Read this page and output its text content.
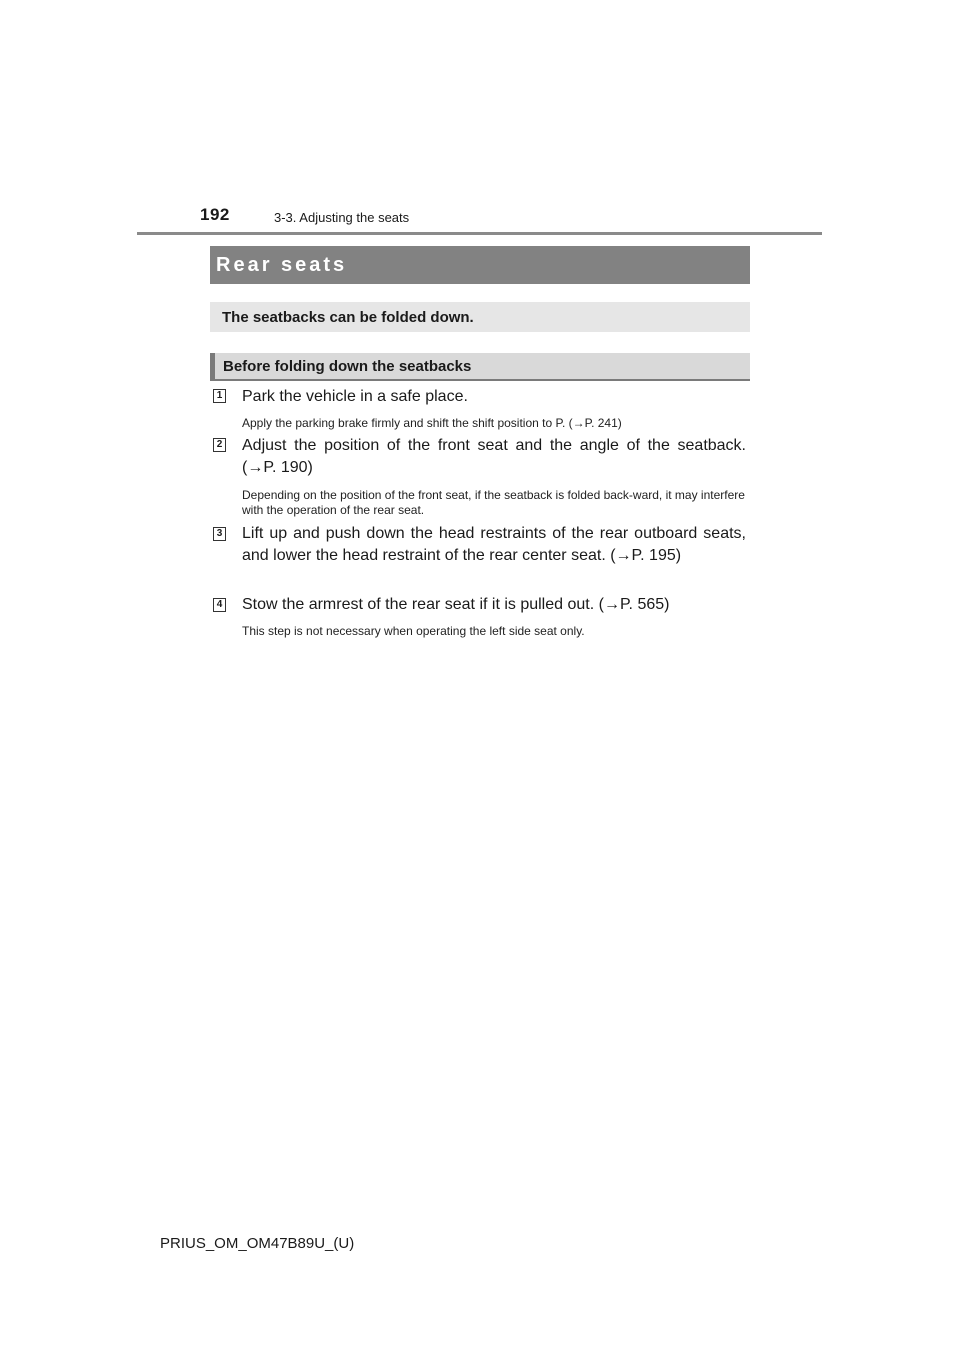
192	3-3. Adjusting the seats
Rear seats
The seatbacks can be folded down.
Before folding down the seatbacks
1 Park the vehicle in a safe place.
Apply the parking brake firmly and shift the shift position to P. (→P. 241)
2 Adjust the position of the front seat and the angle of the seatback. (→P. 190)
Depending on the position of the front seat, if the seatback is folded back-ward, it may interfere with the operation of the rear seat.
3 Lift up and push down the head restraints of the rear outboard seats, and lower the head restraint of the rear center seat. (→P. 195)
4 Stow the armrest of the rear seat if it is pulled out. (→P. 565)
This step is not necessary when operating the left side seat only.
PRIUS_OM_OM47B89U_(U)
